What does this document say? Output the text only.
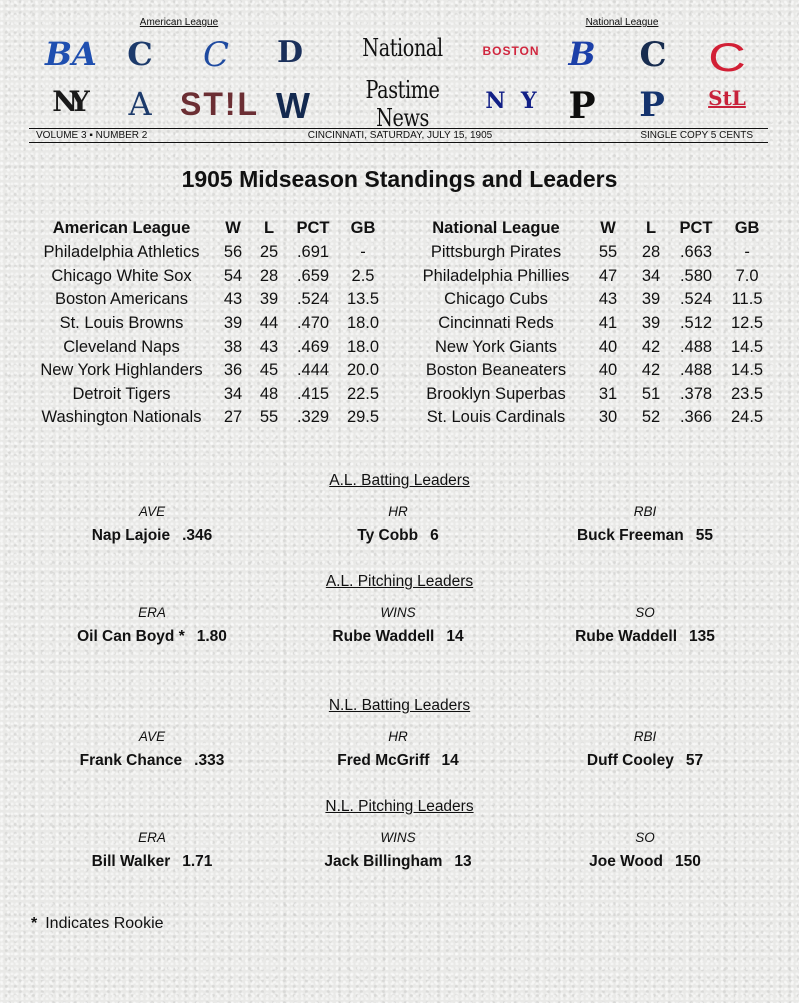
American League	National League
BA C C D
NY A ST!L W
BOSTON B C C
N  Y P P	StL
National
Pastime News
VOLUME 3 ▪ NUMBER 2	CINCINNATI, SATURDAY, JULY 15, 1905	SINGLE COPY 5 CENTS
1905 Midseason Standings and Leaders
American League	W	L	PCT	GB
Philadelphia Athletics	56	25	.691	-
Chicago White Sox	54	28	.659	2.5
Boston Americans	43	39	.524	13.5
St. Louis Browns	39	44	.470	18.0
Cleveland Naps	38	43	.469	18.0
New York Highlanders	36	45	.444	20.0
Detroit Tigers	34	48	.415	22.5
Washington Nationals	27	55	.329	29.5
National League	W	L	PCT	GB
Pittsburgh Pirates	55	28	.663	-
Philadelphia Phillies	47	34	.580	7.0
Chicago Cubs	43	39	.524	11.5
Cincinnati Reds	41	39	.512	12.5
New York Giants	40	42	.488	14.5
Boston Beaneaters	40	42	.488	14.5
Brooklyn Superbas	31	51	.378	23.5
St. Louis Cardinals	30	52	.366	24.5
A.L. Batting Leaders
AVE
Nap Lajoie .346
HR
Ty Cobb 6
RBI
Buck Freeman 55
A.L. Pitching Leaders
ERA
Oil Can Boyd * 1.80
WINS
Rube Waddell 14
SO
Rube Waddell 135
N.L. Batting Leaders
AVE
Frank Chance .333
HR
Fred McGriff 14
RBI
Duff Cooley 57
N.L. Pitching Leaders
ERA
Bill Walker 1.71
WINS
Jack Billingham 13
SO
Joe Wood 150
* Indicates Rookie
